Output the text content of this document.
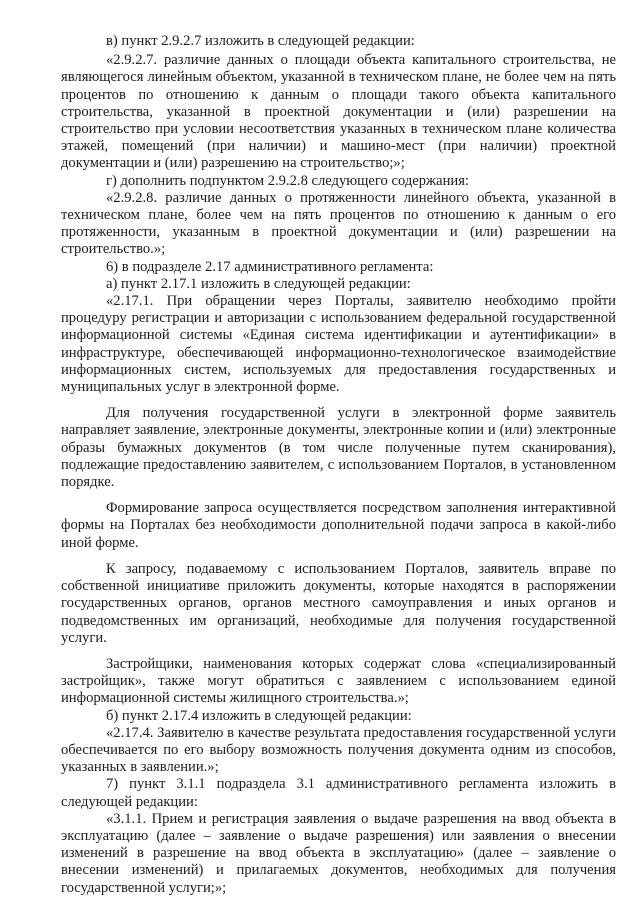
в) пункт 2.9.2.7 изложить в следующей редакции:

«2.9.2.7. различие данных о площади объекта капитального строительства, не являющегося линейным объектом, указанной в техническом плане, не более чем на пять процентов по отношению к данным о площади такого объекта капитального строительства, указанной в проектной документации и (или) разрешении на строительство при условии несоответствия указанных в техническом плане количества этажей, помещений (при наличии) и машино-мест (при наличии) проектной документации и (или) разрешению на строительство;»;

г) дополнить подпунктом 2.9.2.8 следующего содержания:

«2.9.2.8. различие данных о протяженности линейного объекта, указанной в техническом плане, более чем на пять процентов по отношению к данным о его протяженности, указанным в проектной документации и (или) разрешении на строительство.»;

6) в подразделе 2.17 административного регламента:

а) пункт 2.17.1 изложить в следующей редакции:

«2.17.1. При обращении через Порталы, заявителю необходимо пройти процедуру регистрации и авторизации с использованием федеральной государственной информационной системы «Единая система идентификации и аутентификации» в инфраструктуре, обеспечивающей информационно-технологическое взаимодействие информационных систем, используемых для предоставления государственных и муниципальных услуг в электронной форме.

Для получения государственной услуги в электронной форме заявитель направляет заявление, электронные документы, электронные копии и (или) электронные образы бумажных документов (в том числе полученные путем сканирования), подлежащие предоставлению заявителем, с использованием Порталов, в установленном порядке.

Формирование запроса осуществляется посредством заполнения интерактивной формы на Порталах без необходимости дополнительной подачи запроса в какой-либо иной форме.

К запросу, подаваемому с использованием Порталов, заявитель вправе по собственной инициативе приложить документы, которые находятся в распоряжении государственных органов, органов местного самоуправления и иных органов и подведомственных им организаций, необходимые для получения государственной услуги.

Застройщики, наименования которых содержат слова «специализированный застройщик», также могут обратиться с заявлением с использованием единой информационной системы жилищного строительства.»;

б) пункт 2.17.4 изложить в следующей редакции:

«2.17.4. Заявителю в качестве результата предоставления государственной услуги обеспечивается по его выбору возможность получения документа одним из способов, указанных в заявлении.»;

7) пункт 3.1.1 подраздела 3.1 административного регламента изложить в следующей редакции:

«3.1.1. Прием и регистрация заявления о выдаче разрешения на ввод объекта в эксплуатацию (далее – заявление о выдаче разрешения) или заявления о внесении изменений в разрешение на ввод объекта в эксплуатацию» (далее – заявление о внесении изменений) и прилагаемых документов, необходимых для получения государственной услуги;»;
